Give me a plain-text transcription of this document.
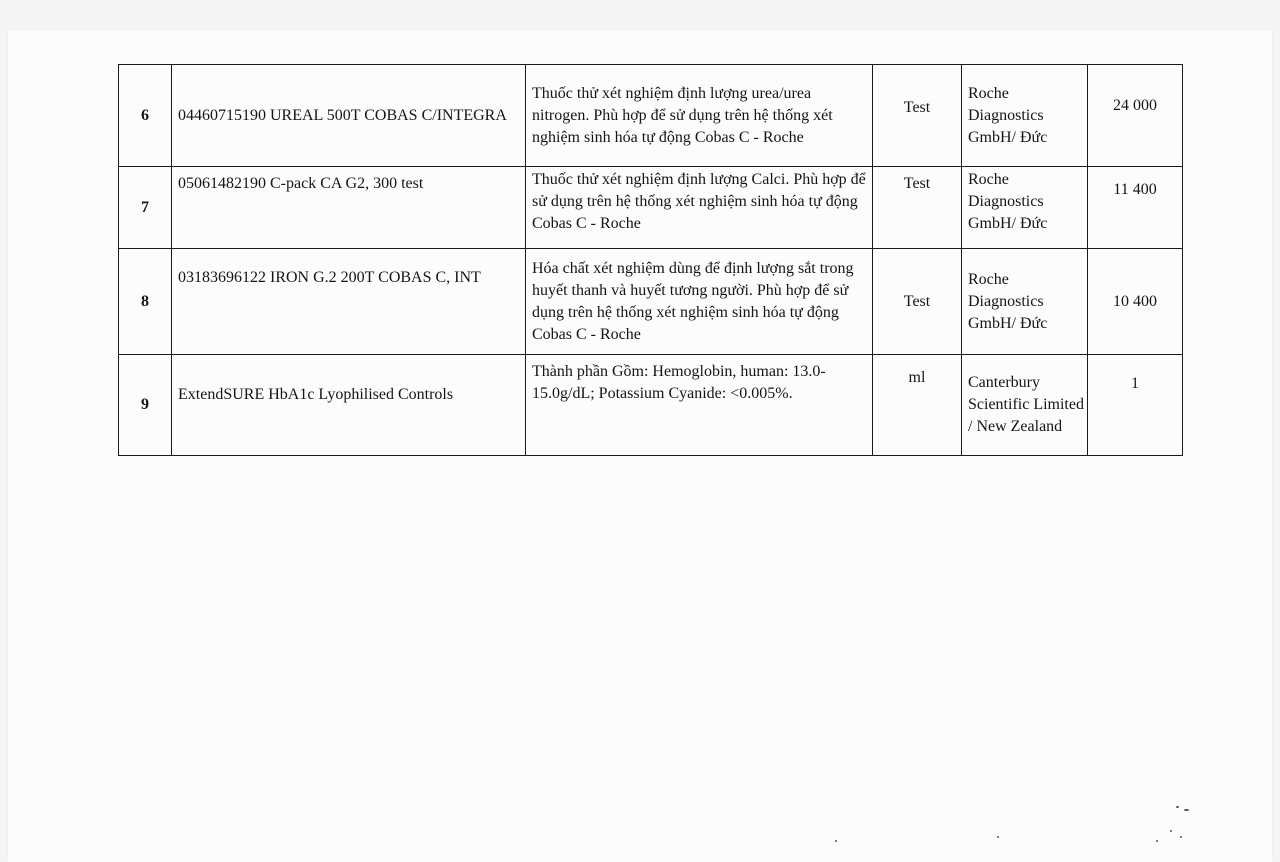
6	04460715190 UREAL 500T COBAS C/INTEGRA	Thuốc thử xét nghiệm định lượng urea/urea nitrogen. Phù hợp để sử dụng trên hệ thống xét nghiệm sinh hóa tự động Cobas C - Roche	Test	Roche Diagnostics GmbH/ Đức	24 000
7	05061482190 C-pack CA G2, 300 test	Thuốc thử xét nghiệm định lượng Calci. Phù hợp để sử dụng trên hệ thống xét nghiệm sinh hóa tự động Cobas C - Roche	Test	Roche Diagnostics GmbH/ Đức	11 400
8	03183696122 IRON G.2 200T COBAS C, INT	Hóa chất xét nghiệm dùng để định lượng sắt trong huyết thanh và huyết tương người. Phù hợp để sử dụng trên hệ thống xét nghiệm sinh hóa tự động Cobas C - Roche	Test	Roche Diagnostics GmbH/ Đức	10 400
9	ExtendSURE HbA1c Lyophilised Controls	Thành phần Gồm: Hemoglobin, human: 13.0-15.0g/dL; Potassium Cyanide: <0.005%.	ml	Canterbury Scientific Limited / New Zealand	1
